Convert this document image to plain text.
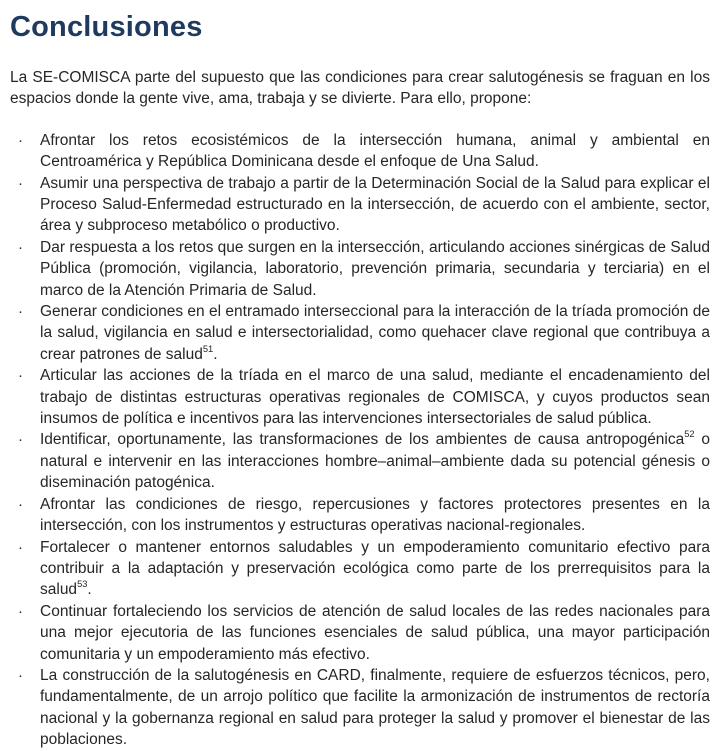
Conclusiones

La SE-COMISCA parte del supuesto que las condiciones para crear salutogénesis se fraguan en los espacios donde la gente vive, ama, trabaja y se divierte. Para ello, propone:

· Afrontar los retos ecosistémicos de la intersección humana, animal y ambiental en Centroamérica y República Dominicana desde el enfoque de Una Salud.
· Asumir una perspectiva de trabajo a partir de la Determinación Social de la Salud para explicar el Proceso Salud-Enfermedad estructurado en la intersección, de acuerdo con el ambiente, sector, área y subproceso metabólico o productivo.
· Dar respuesta a los retos que surgen en la intersección, articulando acciones sinérgicas de Salud Pública (promoción, vigilancia, laboratorio, prevención primaria, secundaria y terciaria) en el marco de la Atención Primaria de Salud.
· Generar condiciones en el entramado interseccional para la interacción de la tríada promoción de la salud, vigilancia en salud e intersectorialidad, como quehacer clave regional que contribuya a crear patrones de salud$^{51}$.
· Articular las acciones de la tríada en el marco de una salud, mediante el encadenamiento del trabajo de distintas estructuras operativas regionales de COMISCA, y cuyos productos sean insumos de política e incentivos para las intervenciones intersectoriales de salud pública.
· Identificar, oportunamente, las transformaciones de los ambientes de causa antropogénica$^{52}$ o natural e intervenir en las interacciones hombre–animal–ambiente dada su potencial génesis o diseminación patogénica.
· Afrontar las condiciones de riesgo, repercusiones y factores protectores presentes en la intersección, con los instrumentos y estructuras operativas nacional-regionales.
· Fortalecer o mantener entornos saludables y un empoderamiento comunitario efectivo para contribuir a la adaptación y preservación ecológica como parte de los prerrequisitos para la salud$^{53}$.
· Continuar fortaleciendo los servicios de atención de salud locales de las redes nacionales para una mejor ejecutoria de las funciones esenciales de salud pública, una mayor participación comunitaria y un empoderamiento más efectivo.
· La construcción de la salutogénesis en CARD, finalmente, requiere de esfuerzos técnicos, pero, fundamentalmente, de un arrojo político que facilite la armonización de instrumentos de rectoría nacional y la gobernanza regional en salud para proteger la salud y promover el bienestar de las poblaciones.
